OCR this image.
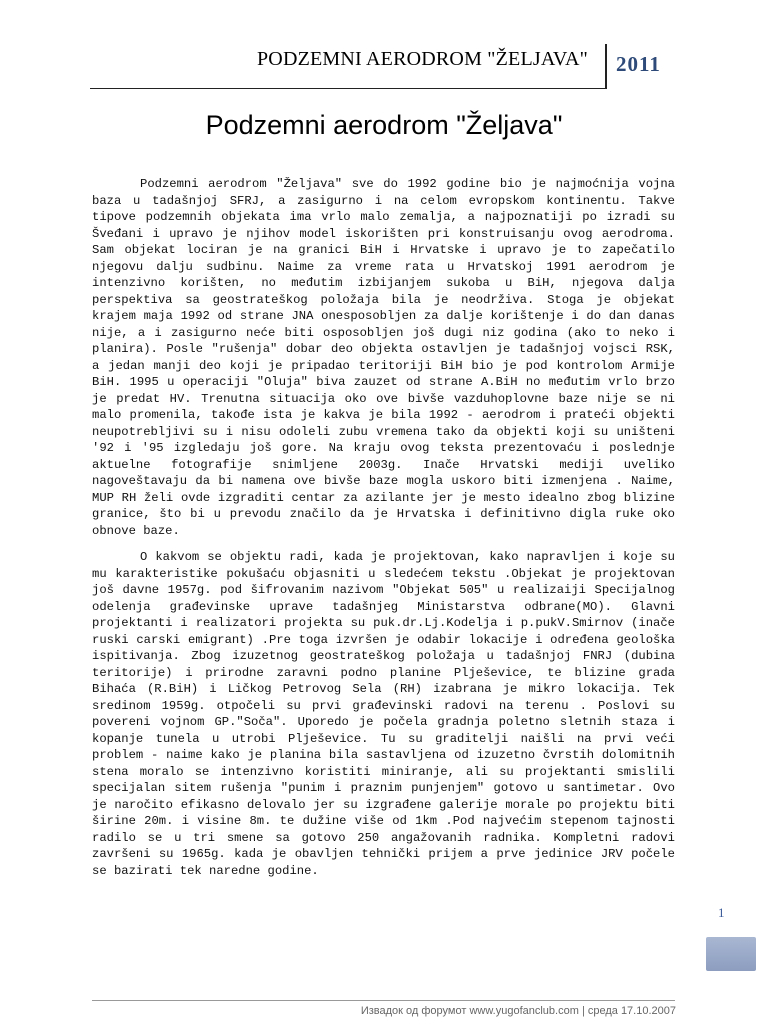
PODZEMNI AERODROM "ŽELJAVA" 2011
Podzemni aerodrom "Željava"

Podzemni aerodrom "Željava" sve do 1992 godine bio je najmoćnija vojna baza u tadašnjoj SFRJ, a zasigurno i na celom evropskom kontinentu. Takve tipove podzemnih objekata ima vrlo malo zemalja, a najpoznatiji po izradi su Šveđani i upravo je njihov model iskorišten pri konstruisanju ovog aerodroma. Sam objekat lociran je na granici BiH i Hrvatske i upravo je to zapečatilo njegovu dalju sudbinu. Naime za vreme rata u Hrvatskoj 1991 aerodrom je intenzivno korišten, no međutim izbijanjem sukoba u BiH, njegova dalja perspektiva sa geostrateškog položaja bila je neodrživa. Stoga je objekat krajem maja 1992 od strane JNA onesposobljen za dalje korištenje i do dan danas nije, a i zasigurno neće biti osposobljen još dugi niz godina (ako to neko i planira). Posle "rušenja" dobar deo objekta ostavljen je tadašnjoj vojsci RSK, a jedan manji deo koji je pripadao teritoriji BiH bio je pod kontrolom Armije BiH. 1995 u operaciji "Oluja" biva zauzet od strane A.BiH no međutim vrlo brzo je predat HV. Trenutna situacija oko ove bivše vazduhoplovne baze nije se ni malo promenila, takođe ista je kakva je bila 1992 - aerodrom i prateći objekti neupotrebljivi su i nisu odoleli zubu vremena tako da objekti koji su uništeni '92 i '95 izgledaju još gore. Na kraju ovog teksta prezentovaću i poslednje aktuelne fotografije snimljene 2003g. Inače Hrvatski mediji uveliko nagoveštavaju da bi namena ove bivše baze mogla uskoro biti izmenjena . Naime, MUP RH želi ovde izgraditi centar za azilante jer je mesto idealno zbog blizine granice, što bi u prevodu značilo da je Hrvatska i definitivno digla ruke oko obnove baze.

O kakvom se objektu radi, kada je projektovan, kako napravljen i koje su mu karakteristike pokušaću objasniti u sledećem tekstu .Objekat je projektovan još davne 1957g. pod šifrovanim nazivom "Objekat 505" u realizaiji Specijalnog odelenja građevinske uprave tadašnjeg Ministarstva odbrane(MO). Glavni projektanti i realizatori projekta su puk.dr.Lj.Kodelja i p.pukV.Smirnov (inače ruski carski emigrant) .Pre toga izvršen je odabir lokacije i određena geološka ispitivanja. Zbog izuzetnog geostrateškog položaja u tadašnjoj FNRJ (dubina teritorije) i prirodne zaravni podno planine Plješevice, te blizine grada Bihaća (R.BiH) i Ličkog Petrovog Sela (RH) izabrana je mikro lokacija. Tek sredinom 1959g. otpočeli su prvi građevinski radovi na terenu . Poslovi su povereni vojnom GP."Soča". Uporedo je počela gradnja poletno sletnih staza i kopanje tunela u utrobi Plješevice. Tu su graditelji naišli na prvi veći problem - naime kako je planina bila sastavljena od izuzetno čvrstih dolomitnih stena moralo se intenzivno koristiti miniranje, ali su projektanti smislili specijalan sitem rušenja "punim i praznim punjenjem" gotovo u santimetar. Ovo je naročito efikasno delovalo jer su izgrađene galerije morale po projektu biti širine 20m. i visine 8m. te dužine više od 1km .Pod najvećim stepenom tajnosti radilo se u tri smene sa gotovo 250 angažovanih radnika. Kompletni radovi završeni su 1965g. kada je obavljen tehnički prijem a prve jedinice JRV počele se bazirati tek naredne godine.

1
Извадок од форумот www.yugofanclub.com | среда 17.10.2007
